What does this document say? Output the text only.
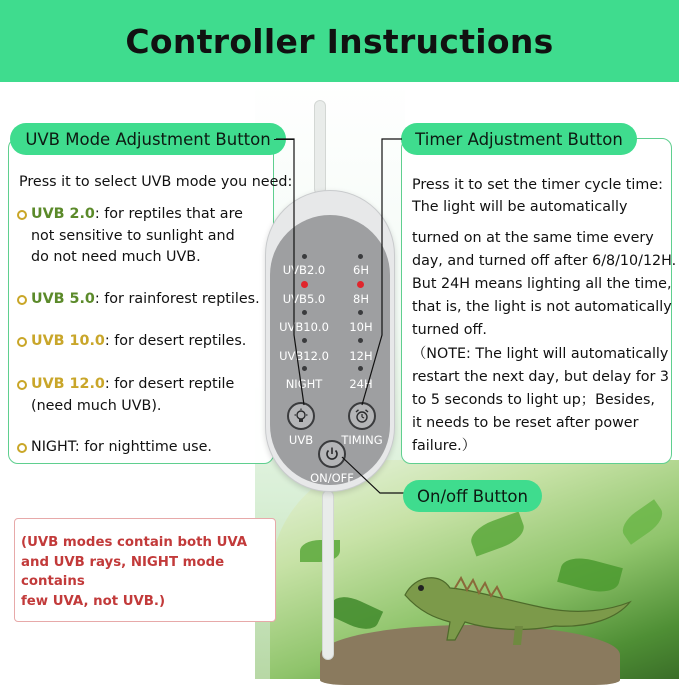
Controller Instructions
UVB Mode Adjustment Button
Press it to select UVB mode you need:
UVB 2.0: for reptiles that are
not sensitive to sunlight and
do not need much UVB.
UVB 5.0: for rainforest reptiles.
UVB 10.0: for desert reptiles.
UVB 12.0: for desert reptile
(need much UVB).
NIGHT: for nighttime use.
Timer Adjustment Button
Press it to set the timer cycle time:
The light will be automatically
turned on at the same time every
day, and turned off after 6/8/10/12H.
But 24H means lighting all the time,
that is, the light is not automatically
turned off.
（NOTE: The light will automatically
restart the next day, but delay for 3
to 5 seconds to light up；Besides,
it needs to be reset after power
failure.）
(UVB modes contain both UVA
and UVB rays, NIGHT mode contains
few UVA, not UVB.)
UVB2.0
UVB5.0
UVB10.0
UVB12.0
NIGHT
6H
8H
10H
12H
24H
UVB	TIMING
ON/OFF
On/off Button
